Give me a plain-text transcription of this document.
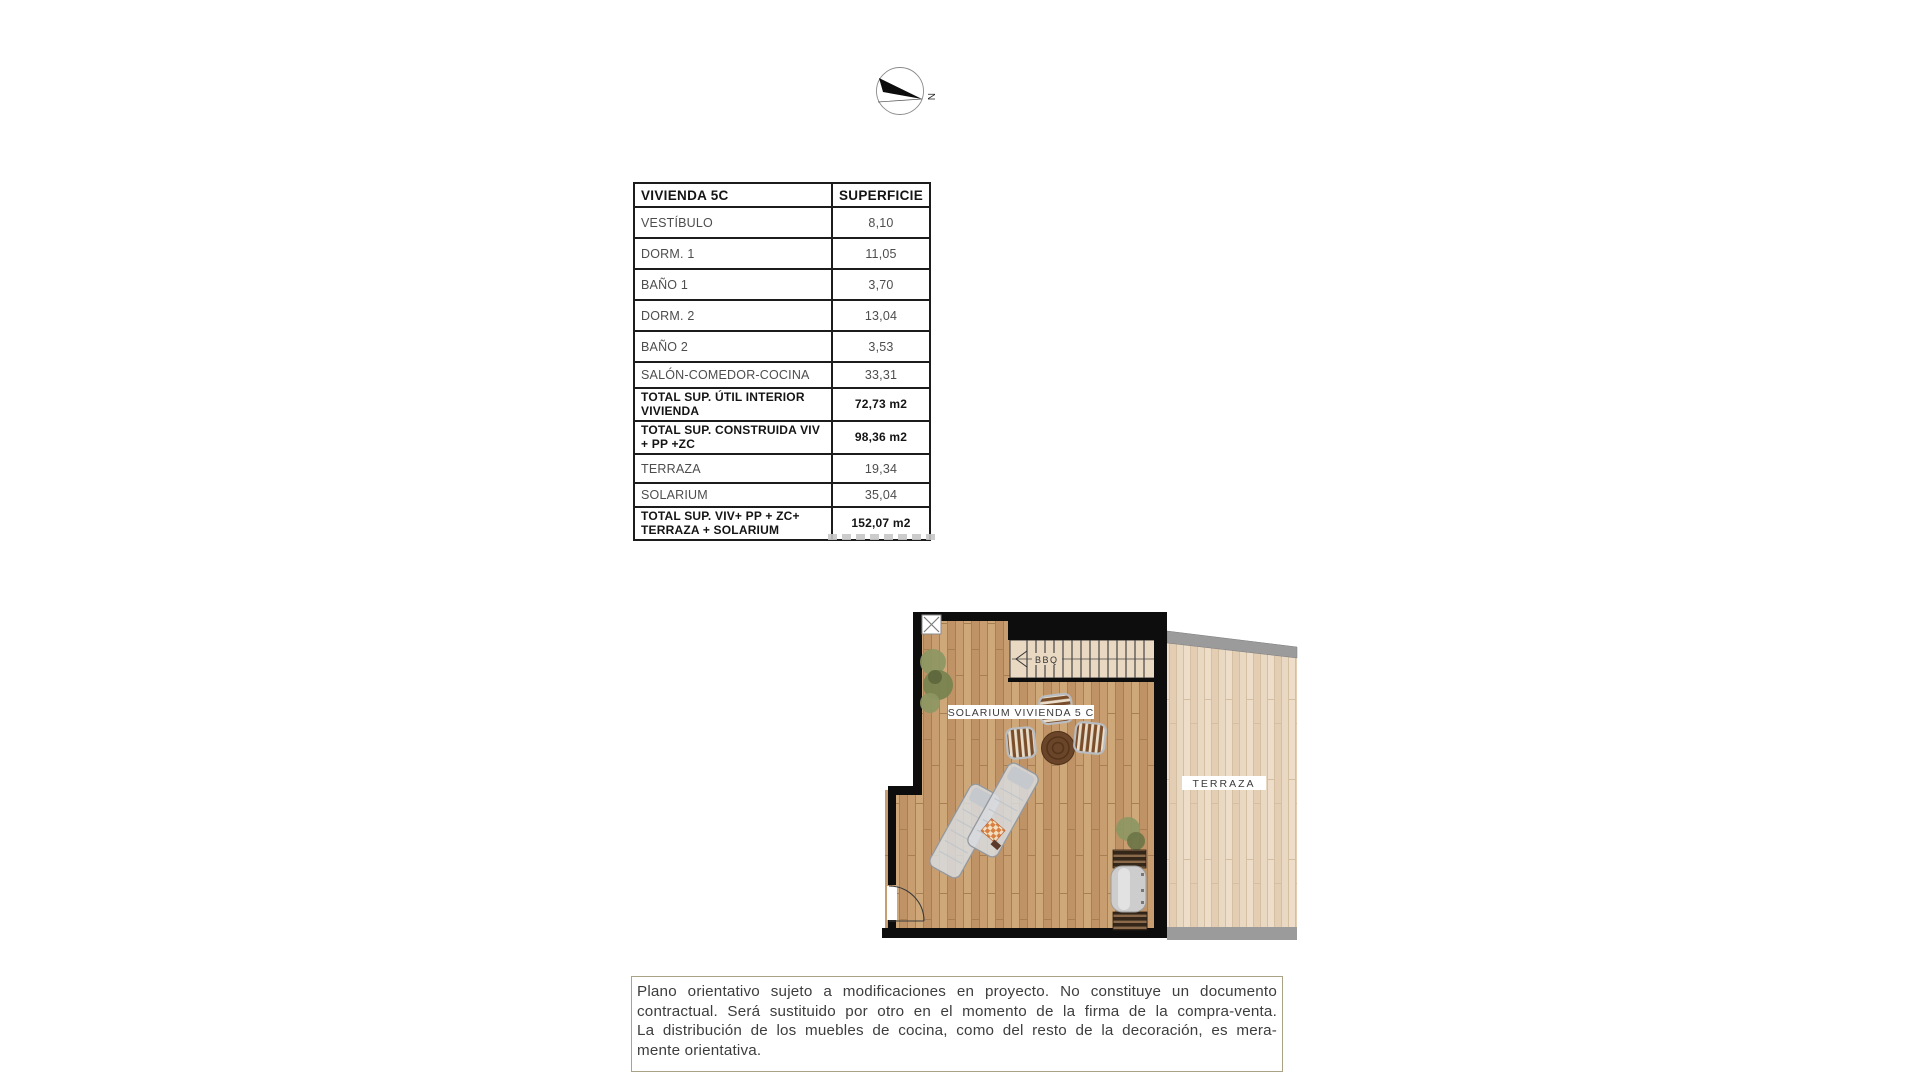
N
VIVIENDA 5C	SUPERFICIE
VESTÍBULO	8,10
DORM. 1	11,05
BAÑO 1	3,70
DORM. 2	13,04
BAÑO 2	3,53
SALÓN-COMEDOR-COCINA	33,31
TOTAL SUP. ÚTIL INTERIOR VIVIENDA	72,73 m2
TOTAL SUP. CONSTRUIDA VIV + PP +ZC	98,36 m2
TERRAZA	19,34
SOLARIUM	35,04
TOTAL SUP. VIV+ PP + ZC+ TERRAZA + SOLARIUM	152,07 m2
BBQ
SOLARIUM VIVIENDA 5 C
TERRAZA
Plano orientativo sujeto a modificaciones en proyecto. No constituye un documento
contractual. Será sustituido por otro en el momento de la firma de la compra-venta.
La distribución de los muebles de cocina, como del resto de la decoración, es mera-
mente orientativa.
